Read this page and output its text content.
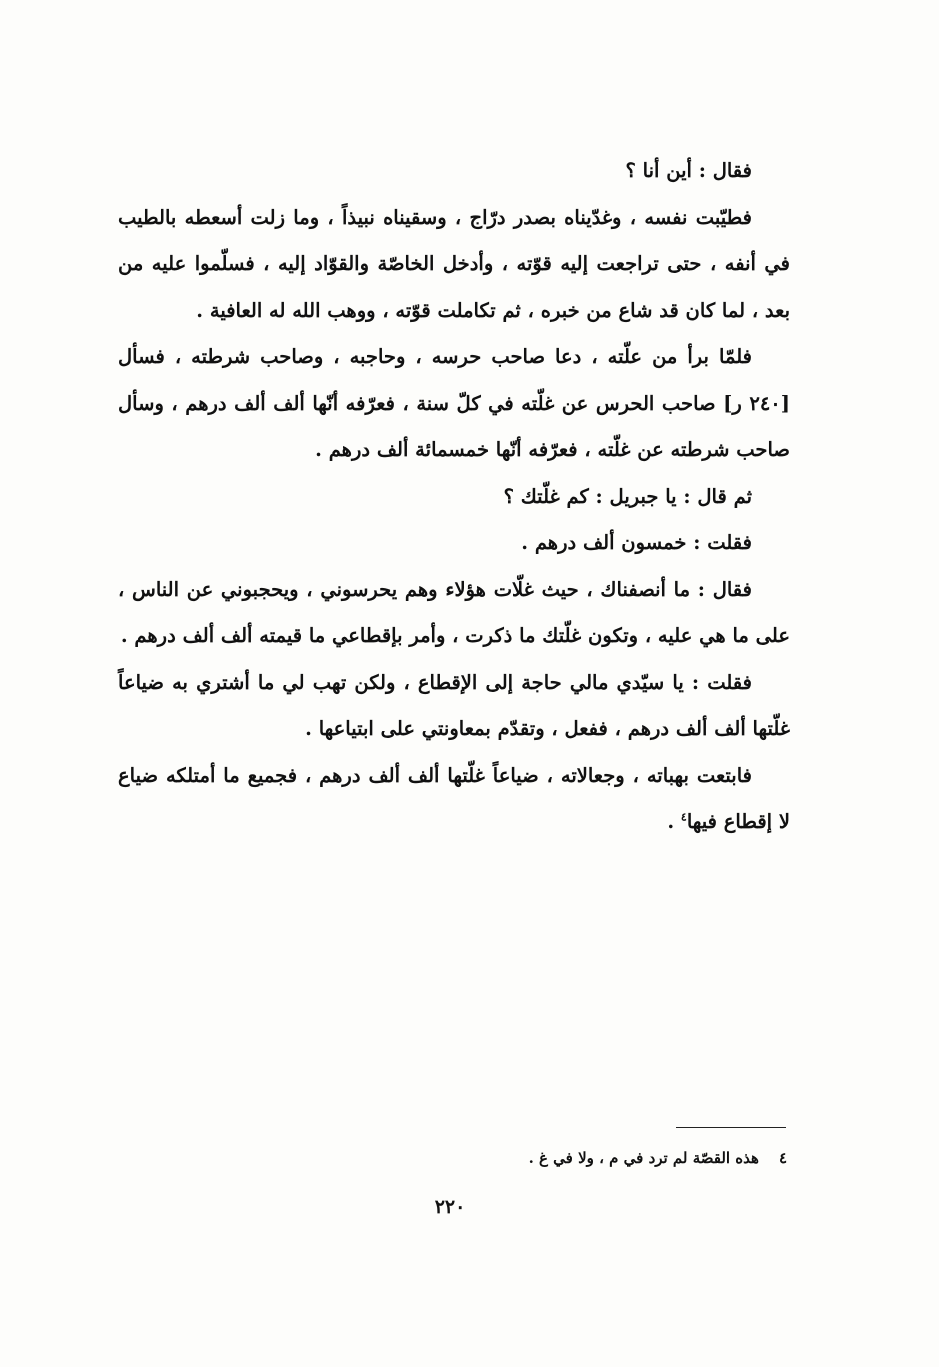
فقال : أين أنا ؟

فطيّبت نفسه ، وغدّيناه بصدر درّاج ، وسقيناه نبيذاً ، وما زلت أسعطه بالطيب في أنفه ، حتى تراجعت إليه قوّته ، وأدخل الخاصّة والقوّاد إليه ، فسلّموا عليه من بعد ، لما كان قد شاع من خبره ، ثم تكاملت قوّته ، ووهب الله له العافية .

فلمّا برأ من علّته ، دعا صاحب حرسه ، وحاجبه ، وصاحب شرطته ، فسأل [٢٤٠ ر] صاحب الحرس عن غلّته في كلّ سنة ، فعرّفه أنّها ألف ألف درهم ، وسأل صاحب شرطته عن غلّته ، فعرّفه أنّها خمسمائة ألف درهم .

ثم قال : يا جبريل : كم غلّتك ؟

فقلت : خمسون ألف درهم .

فقال : ما أنصفناك ، حيث غلّات هؤلاء وهم يحرسوني ، ويحجبوني عن الناس ، على ما هي عليه ، وتكون غلّتك ما ذكرت ، وأمر بإقطاعي ما قيمته ألف ألف درهم .

فقلت : يا سيّدي مالي حاجة إلى الإقطاع ، ولكن تهب لي ما أشتري به ضياعاً غلّتها ألف ألف درهم ، ففعل ، وتقدّم بمعاونتي على ابتياعها .

فابتعت بهباته ، وجعالاته ، ضياعاً غلّتها ألف ألف درهم ، فجميع ما أمتلكه ضياع لا إقطاع فيها$^٤$ .

٤هذه القصّة لم ترد في م ، ولا في غ .
٢٢٠
